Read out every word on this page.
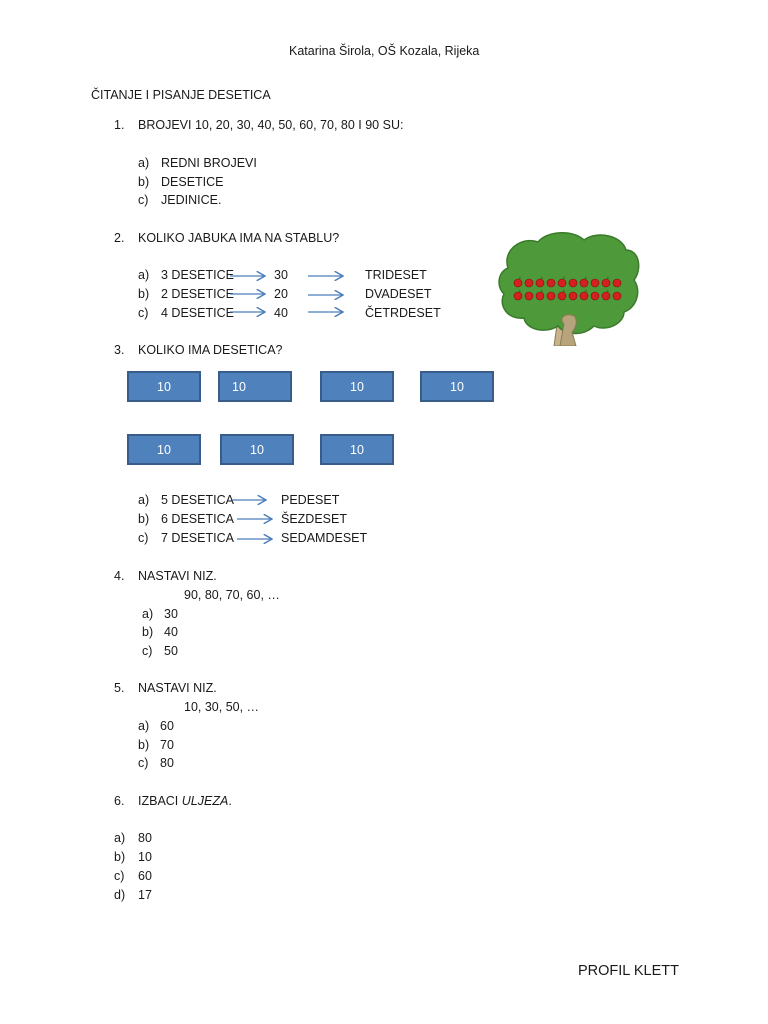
Katarina Širola, OŠ Kozala, Rijeka
ČITANJE I PISANJE DESETICA
1. BROJEVI 10, 20, 30, 40, 50, 60, 70, 80 I 90 SU:
a) REDNI BROJEVI
b) DESETICE
c) JEDINICE.
2. KOLIKO JABUKA IMA NA STABLU?
a) 3 DESETICE	30	TRIDESET
b) 2 DESETICE	20	DVADESET
c) 4 DESETICE	40	ČETRDESET
3. KOLIKO IMA DESETICA?
10	10	10	10
10	10	10
a) 5 DESETICA	PEDESET
b) 6 DESETICA	ŠEZDESET
c) 7 DESETICA	SEDAMDESET
4. NASTAVI NIZ.
90, 80, 70, 60, …
a) 30
b) 40
c) 50
5. NASTAVI NIZ.
10, 30, 50, …
a) 60
b) 70
c) 80
6. IZBACI ULJEZA.
a) 80
b) 10
c) 60
d) 17
PROFIL KLETT
